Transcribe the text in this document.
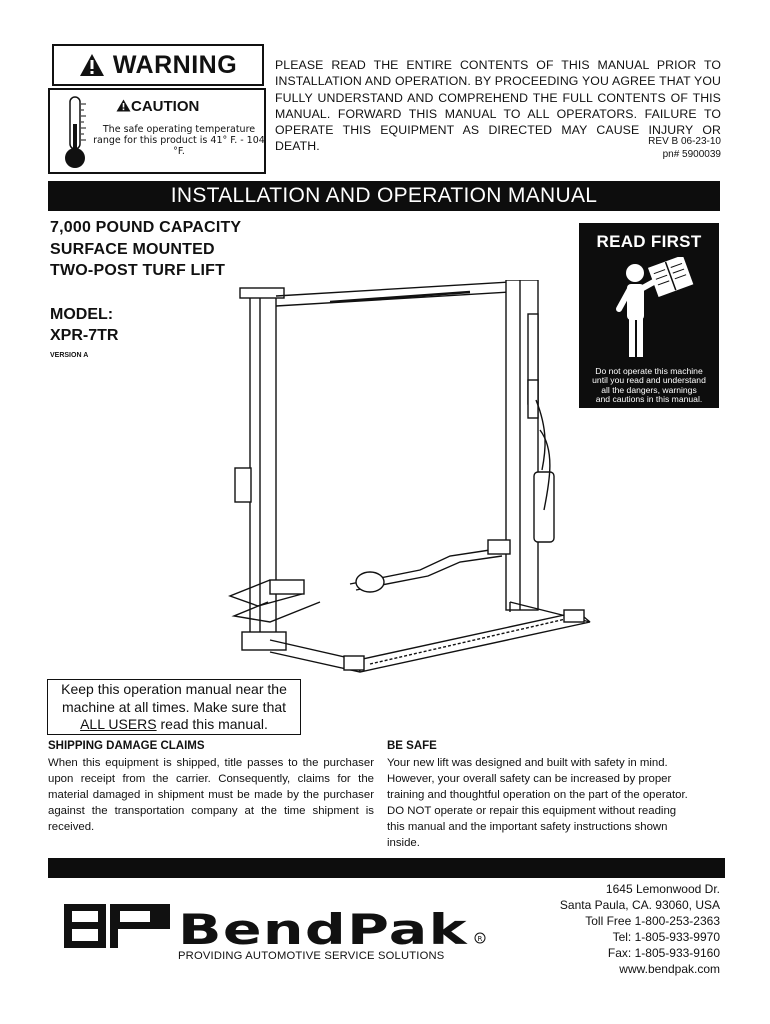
WARNING
CAUTION
The safe operating temperature range for this product is 41° F. - 104 °F.
PLEASE READ THE ENTIRE CONTENTS OF THIS MANUAL PRIOR TO INSTALLATION AND OPERATION. BY PROCEEDING YOU AGREE THAT YOU FULLY UNDERSTAND AND COMPREHEND THE FULL CONTENTS OF THIS MANUAL. FORWARD THIS MANUAL TO ALL OPERATORS. FAILURE TO OPERATE THIS EQUIPMENT AS DIRECTED MAY CAUSE INJURY OR DEATH.	REV B 06-23-10
pn# 5900039
INSTALLATION AND OPERATION MANUAL
7,000 POUND CAPACITY
SURFACE MOUNTED
TWO-POST TURF LIFT
MODEL:
XPR-7TR
VERSION A
READ FIRST
Do not operate this machine
until you read and understand
all the dangers, warnings
and cautions in this manual.
Keep this operation manual near the
machine at all times. Make sure that
ALL USERS read this manual.
SHIPPING DAMAGE CLAIMS
When this equipment is shipped, title passes to the purchaser upon receipt from the carrier. Consequently, claims for the material damaged in shipment must be made by the purchaser against the transportation company at the time shipment is received.
BE SAFE
Your new lift was designed and built with safety in mind.
However, your overall safety can be increased by proper
training and thoughtful operation on the part of the operator.
DO NOT operate or repair this equipment without reading
this manual and the important safety instructions shown
inside.
BendPak R
PROVIDING AUTOMOTIVE SERVICE SOLUTIONS
1645 Lemonwood Dr.
Santa Paula, CA. 93060, USA
Toll Free 1-800-253-2363
Tel: 1-805-933-9970
Fax: 1-805-933-9160
www.bendpak.com
